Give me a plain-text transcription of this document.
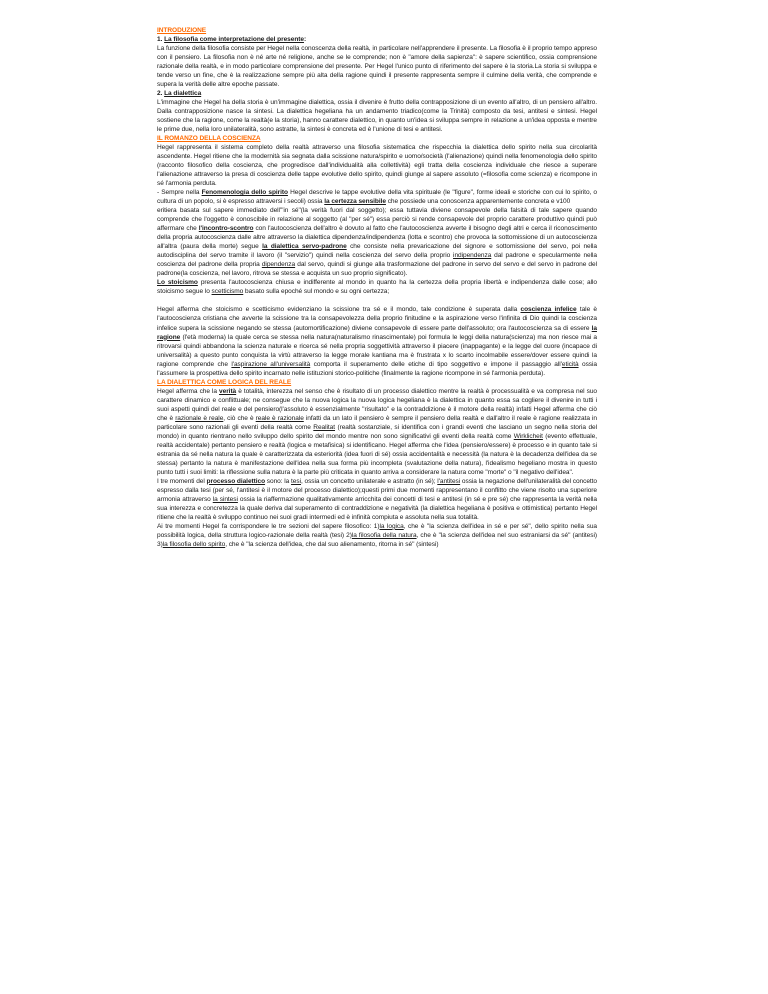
INTRODUZIONE

1. La filosofia come interpretazione del presente:

La funzione della filosofia consiste per Hegel nella conoscenza della realtà, in particolare nell'apprendere il presente. La filosofia è il proprio tempo appreso con il pensiero. La filosofia non è né arte né religione, anche se le comprende; non è "amore della sapienza": è sapere scientifico, ossia comprensione razionale della realtà, e in modo particolare comprensione del presente. Per Hegel l'unico punto di riferimento del sapere è la storia.La storia si sviluppa e tende verso un fine, che è la realizzazione sempre più alta della ragione quindi il presente rappresenta sempre il culmine della verità, che comprende e supera la verità delle altre epoche passate.

2. La dialettica

L'immagine che Hegel ha della storia è un'immagine dialettica, ossia il divenire è frutto della contrapposizione di un evento all'altro, di un pensiero all'altro. Dalla contrapposizione nasce la sintesi. La dialettica hegeliana ha un andamento triadico(come la Trinità) composto da tesi, antitesi e sintesi. Hegel sostiene che la ragione, come la realtà(e la storia), hanno carattere dialettico, in quanto un'idea si sviluppa sempre in relazione a un'idea opposta e mentre le prime due, nella loro unilateralità, sono astratte, la sintesi è concreta ed è l'unione di tesi e antitesi.

IL ROMANZO DELLA COSCIENZA

Hegel rappresenta il sistema completo della realtà attraverso una filosofia sistematica che rispecchia la dialettica dello spirito nella sua circolarità ascendente. Hegel ritiene che la modernità sia segnata dalla scissione natura/spirito e uomo/società (l'alienazione) quindi nella fenomenologia dello spirito (racconto filosofico della coscienza, che progredisce dall'individualità alla collettività) egli tratta della coscienza individuale che riesce a superare l'alienazione attraverso la presa di coscienza delle tappe evolutive dello spirito, quindi giunge al sapere assoluto (=filosofia come scienza) e ricompone in sé l'armonia perduta.

- Sempre nella Fenomenologia dello spirito Hegel descrive le tappe evolutive della vita spirituale (le "figure", forme ideali e storiche con cui lo spirito, o cultura di un popolo, si è espresso attraversi i secoli) ossia la certezza sensibile che possiede una conoscenza apparentemente concreta e v100

eritiera basata sul sapere immediato dell'"in sé"(la verità fuori dal soggetto); essa tuttavia diviene consapevole della falsità di tale sapere quando comprende che l'oggetto è conoscibile in relazione al soggetto (al "per sé") essa perciò si rende consapevole del proprio carattere produttivo quindi può affermare che l'incontro-scontro con l'autocoscienza dell'altro è dovuto al fatto che l'autocoscienza avverte il bisogno degli altri e cerca il riconoscimento della propria autocoscienza dalle altre attraverso la dialettica dipendenza/indipendenza (lotta e scontro) che provoca la sottomissione di un autocoscienza all'altra (paura della morte) segue la dialettica servo-padrone che consiste nella prevaricazione del signore e sottomissione del servo, poi nella autodisciplina del servo tramite il lavoro (il "servizio") quindi nella coscienza del servo della proprio indipendenza dal padrone e specularmente nella coscienza del padrone della propria dipendenza dal servo, quindi si giunge alla trasformazione del padrone in servo del servo e del servo in padrone del padrone(la coscienza, nel lavoro, ritrova se stessa e acquista un suo proprio significato).

Lo stoicismo presenta l'autocoscienza chiusa e indifferente al mondo in quanto ha la certezza della propria libertà e indipendenza dalle cose; allo stoicismo segue lo scetticismo basato sulla epoché sul mondo e su ogni certezza;

Hegel afferma che stoicismo e scetticismo evidenziano la scissione tra sé e il mondo, tale condizione è superata dalla coscienza infelice tale è l'autocoscienza cristiana che avverte la scissione tra la consapevolezza della proprio finitudine e la aspirazione verso l'infinita di Dio quindi la coscienza infelice supera la scissione negando se stessa (automortificazione) diviene consapevole di essere parte dell'assoluto; ora l'autocoscienza sa di essere la ragione (l'età moderna) la quale cerca se stessa nella natura(naturalismo rinascimentale) poi formula le leggi della natura(scienza) ma non riesce mai a ritrovarsi quindi abbandona la scienza naturale e ricerca sé nella propria soggettività attraverso il piacere (inappagante) e la legge del cuore (incapace di universalità) a questo punto conquista la virtù attraverso la legge morale kantiana ma è frustrata x lo scarto incolmabile essere/dover essere quindi la ragione comprende che l'aspirazione all'universalità comporta il superamento delle etiche di tipo soggettivo e impone il passaggio all'eticità ossia l'assumere la prospettiva dello spirito incarnato nelle istituzioni storico-politiche (finalmente la ragione ricompone in sé l'armonia perduta).

LA DIALETTICA COME LOGICA DEL REALE

Hegel afferma che la verità è totalità, interezza nel senso che è risultato di un processo dialettico mentre la realtà è processualità e va compresa nel suo carattere dinamico e conflittuale; ne consegue che la nuova logica la nuova logica hegeliana è la dialettica in quanto essa sa cogliere il divenire in tutti i suoi aspetti quindi del reale e del pensiero(l'assoluto è essenzialmente "risultato" e la contraddizione è il motore della realtà) infatti Hegel afferma che ciò che è razionale è reale, ciò che è reale è razionale infatti da un lato il pensiero è sempre il pensiero della realtà e dall'altro il reale è ragione realizzata in particolare sono razionali gli eventi della realtà come Realitat (realtà sostanziale, si identifica con i grandi eventi che lasciano un segno nella storia del mondo) in quanto rientrano nello sviluppo dello spirito del mondo mentre non sono significativi gli eventi della realtà come Wirklicheit (evento effettuale, realtà accidentale) pertanto pensiero e realtà (logica e metafisica) si identificano. Hegel afferma che l'idea (pensiero/essere) è processo e in quanto tale si estrania da sé nella natura la quale è caratterizzata da esteriorità (idea fuori di sé) ossia accidentalità e necessità (la natura è la decadenza dell'idea da se stessa) pertanto la natura è manifestazione dell'idea nella sua forma più incompleta (svalutazione della natura), l'idealismo hegeliano mostra in questo punto tutti i suoi limiti: la riflessione sulla natura è la parte più criticata in quanto arriva a considerare la natura come "morte" o "il negativo dell'idea".

I tre momenti del processo dialettico sono: la tesi, ossia un concetto unilaterale e astratto (in sé); l'antitesi ossia la negazione dell'unilateralità del concetto espresso dalla tesi (per sé, l'antitesi è il motore del processo dialettico);questi primi due momenti rappresentano il conflitto che viene risolto una superiore armonia attraverso la sintesi ossia la riaffermazione qualitativamente arricchita dei concetti di tesi e antitesi (in sé e pre sé) che rappresenta la verità nella sua interezza e concretezza la quale deriva dal superamento di contraddizione e negatività (la dialettica hegeliana è positiva e ottimistica) pertanto Hegel ritiene che la realtà è sviluppo continuo nei suoi gradi intermedi ed è infinità compiuta e assoluta nella sua totalità.

Ai tre momenti Hegel fa corrispondere le tre sezioni del sapere filosofico: 1)la logica, che è "la scienza dell'idea in sé e per sé", dello spirito nella sua possibilità logica, della struttura logico-razionale della realtà (tesi) 2)la filosofia della natura, che è "la scienza dell'idea nel suo estraniarsi da sé" (antitesi) 3)la filosofia dello spirito, che è "la scienza dell'idea, che dal suo alienamento, ritorna in sé" (sintesi)
